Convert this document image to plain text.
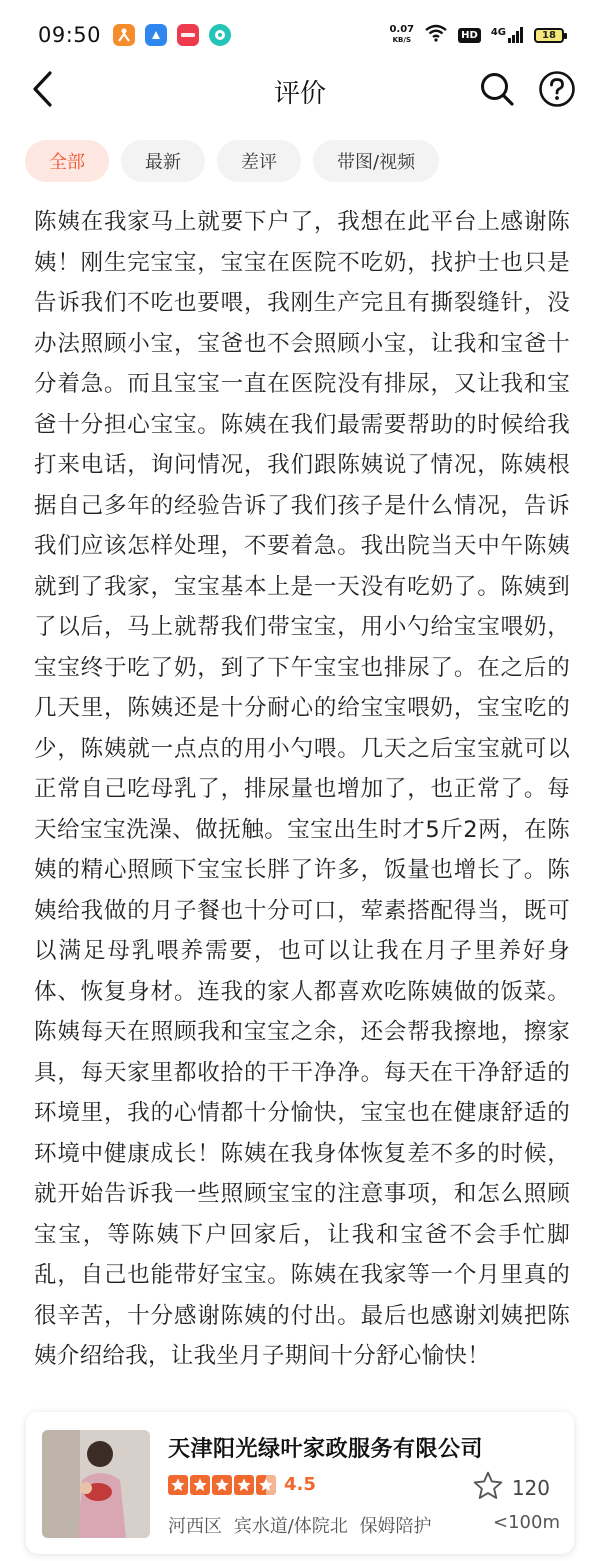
09:50	0.07
KB/S	HD	4G	18
评价
全部	最新	差评	带图/视频
陈姨在我家马上就要下户了，我想在此平台上感谢陈姨！刚生完宝宝，宝宝在医院不吃奶，找护士也只是告诉我们不吃也要喂，我刚生产完且有撕裂缝针，没办法照顾小宝，宝爸也不会照顾小宝，让我和宝爸十分着急。而且宝宝一直在医院没有排尿，又让我和宝爸十分担心宝宝。陈姨在我们最需要帮助的时候给我打来电话，询问情况，我们跟陈姨说了情况，陈姨根据自己多年的经验告诉了我们孩子是什么情况，告诉我们应该怎样处理，不要着急。我出院当天中午陈姨就到了我家，宝宝基本上是一天没有吃奶了。陈姨到了以后，马上就帮我们带宝宝，用小勺给宝宝喂奶，宝宝终于吃了奶，到了下午宝宝也排尿了。在之后的几天里，陈姨还是十分耐心的给宝宝喂奶，宝宝吃的少，陈姨就一点点的用小勺喂。几天之后宝宝就可以正常自己吃母乳了，排尿量也增加了，也正常了。每天给宝宝洗澡、做抚触。宝宝出生时才5斤2两，在陈姨的精心照顾下宝宝长胖了许多，饭量也增长了。陈姨给我做的月子餐也十分可口，荤素搭配得当，既可以满足母乳喂养需要，也可以让我在月子里养好身体、恢复身材。连我的家人都喜欢吃陈姨做的饭菜。陈姨每天在照顾我和宝宝之余，还会帮我擦地，擦家具，每天家里都收拾的干干净净。每天在干净舒适的环境里，我的心情都十分愉快，宝宝也在健康舒适的环境中健康成长！陈姨在我身体恢复差不多的时候，就开始告诉我一些照顾宝宝的注意事项，和怎么照顾宝宝，等陈姨下户回家后，让我和宝爸不会手忙脚乱，自己也能带好宝宝。陈姨在我家等一个月里真的很辛苦，十分感谢陈姨的付出。最后也感谢刘姨把陈姨介绍给我，让我坐月子期间十分舒心愉快！
天津阳光绿叶家政服务有限公司
4.5	120
河西区 宾水道/体院北 保姆陪护	<100m
